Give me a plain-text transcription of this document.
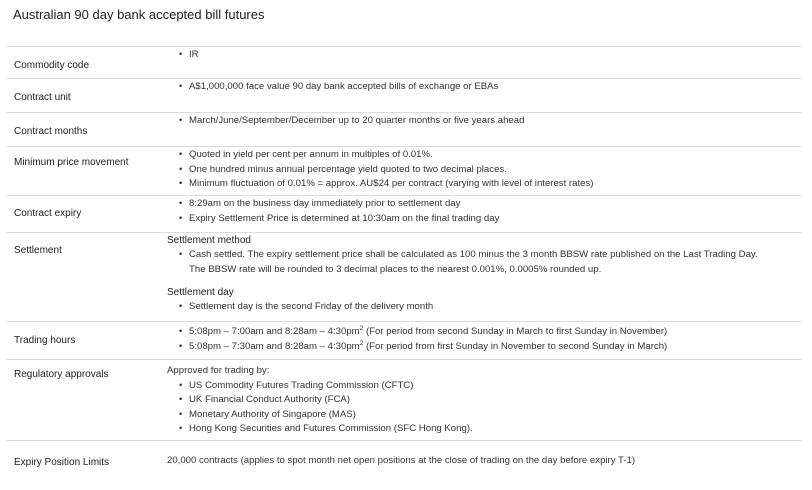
Australian 90 day bank accepted bill futures
Commodity code
• IR
Contract unit
• A$1,000,000 face value 90 day bank accepted bills of exchange or EBAs
Contract months
• March/June/September/December up to 20 quarter months or five years ahead
Minimum price movement
• Quoted in yield per cent per annum in multiples of 0.01%.
• One hundred minus annual percentage yield quoted to two decimal places.
• Minimum fluctuation of 0.01% = approx. AU$24 per contract (varying with level of interest rates)
Contract expiry
• 8:29am on the business day immediately prior to settlement day
• Expiry Settlement Price is determined at 10:30am on the final trading day
Settlement
Settlement method
• Cash settled. The expiry settlement price shall be calculated as 100 minus the 3 month BBSW rate published on the Last Trading Day.
The BBSW rate will be rounded to 3 decimal places to the nearest 0.001%, 0.0005% rounded up.
Settlement day
• Settlement day is the second Friday of the delivery month
Trading hours
• 5:08pm – 7:00am and 8:28am – $4:30pm^2$ (For period from second Sunday in March to first Sunday in November)
• 5:08pm – 7:30am and 8:28am – $4:30pm^2$ (For period from first Sunday in November to second Sunday in March)
Regulatory approvals	Approved for trading by:
• US Commodity Futures Trading Commission (CFTC)
• UK Financial Conduct Authority (FCA)
• Monetary Authority of Singapore (MAS)
• Hong Kong Securities and Futures Commission (SFC Hong Kong).
Expiry Position Limits	20,000 contracts (applies to spot month net open positions at the close of trading on the day before expiry T-1)
